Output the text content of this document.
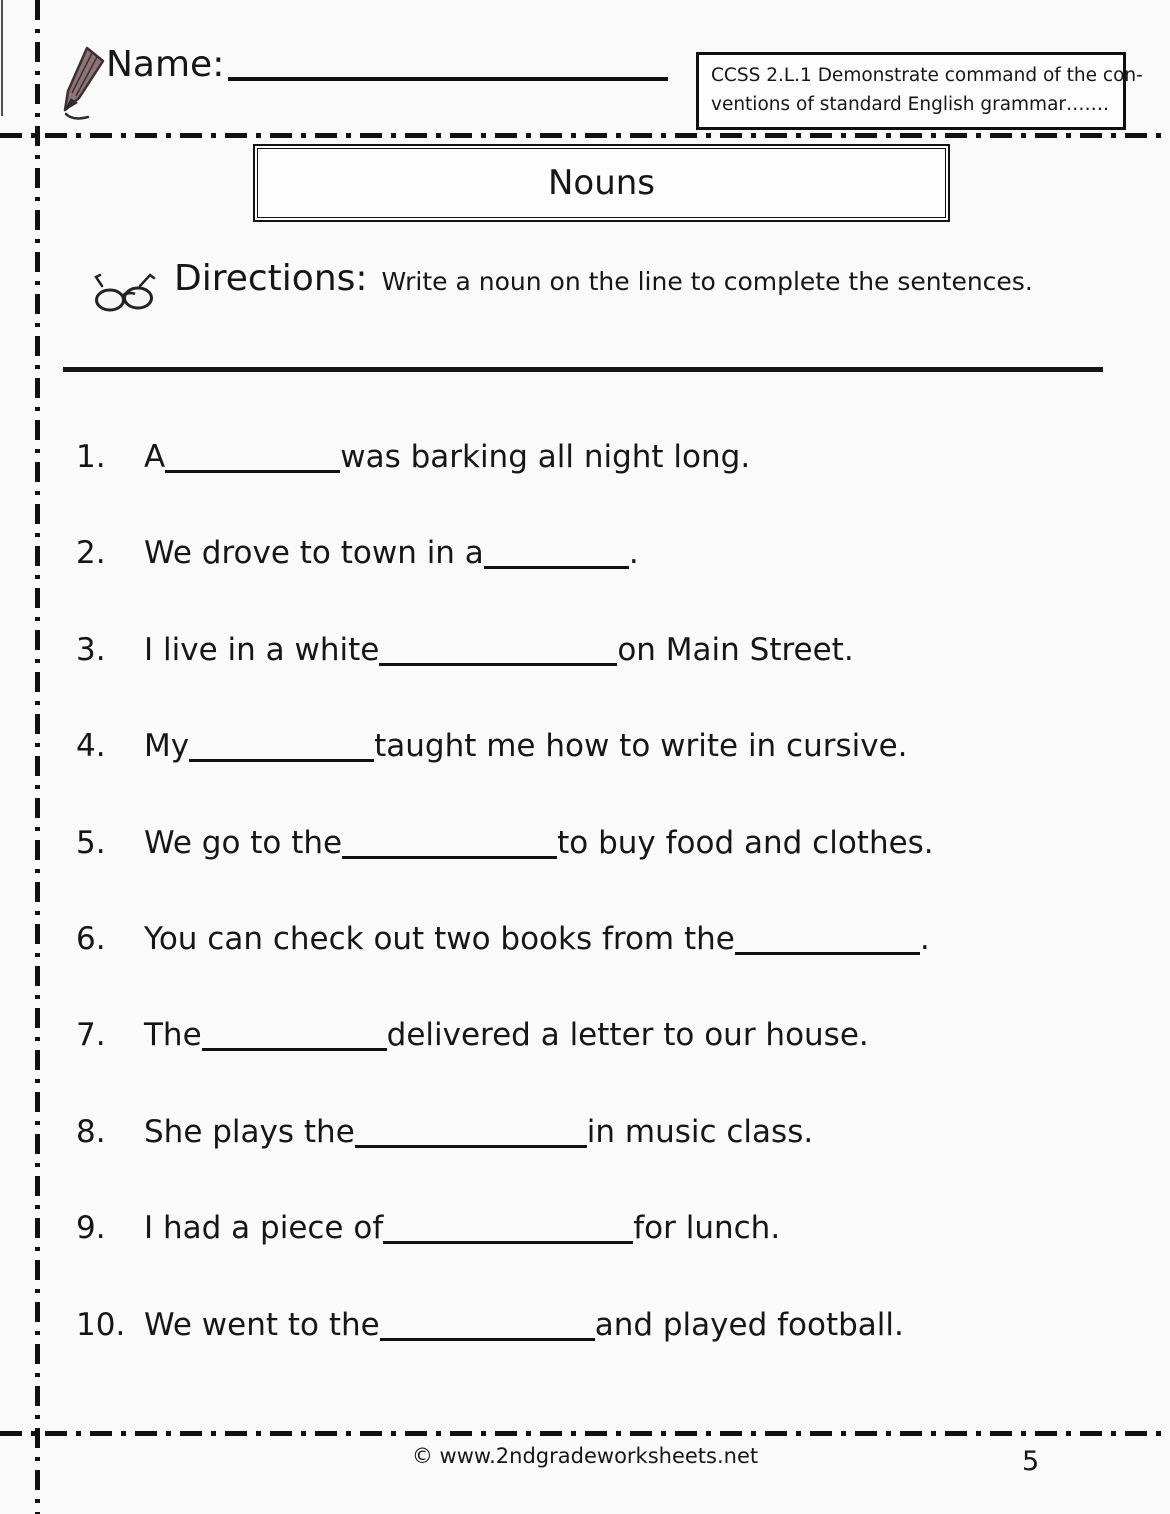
Name:	CCSS 2.L.1 Demonstrate command of the con-
ventions of standard English grammar…….
Nouns
Directions: Write a noun on the line to complete the sentences.
1.	A	was barking all night long.
2.	We drove to town in a	.
3.	I live in a white	on Main Street.
4.	My	taught me how to write in cursive.
5.	We go to the	to buy food and clothes.
6.	You can check out two books from the	.
7.	The	delivered a letter to our house.
8.	She plays the	in music class.
9.	I had a piece of	for lunch.
10. We went to the	and played football.
© www.2ndgradeworksheets.net	5
